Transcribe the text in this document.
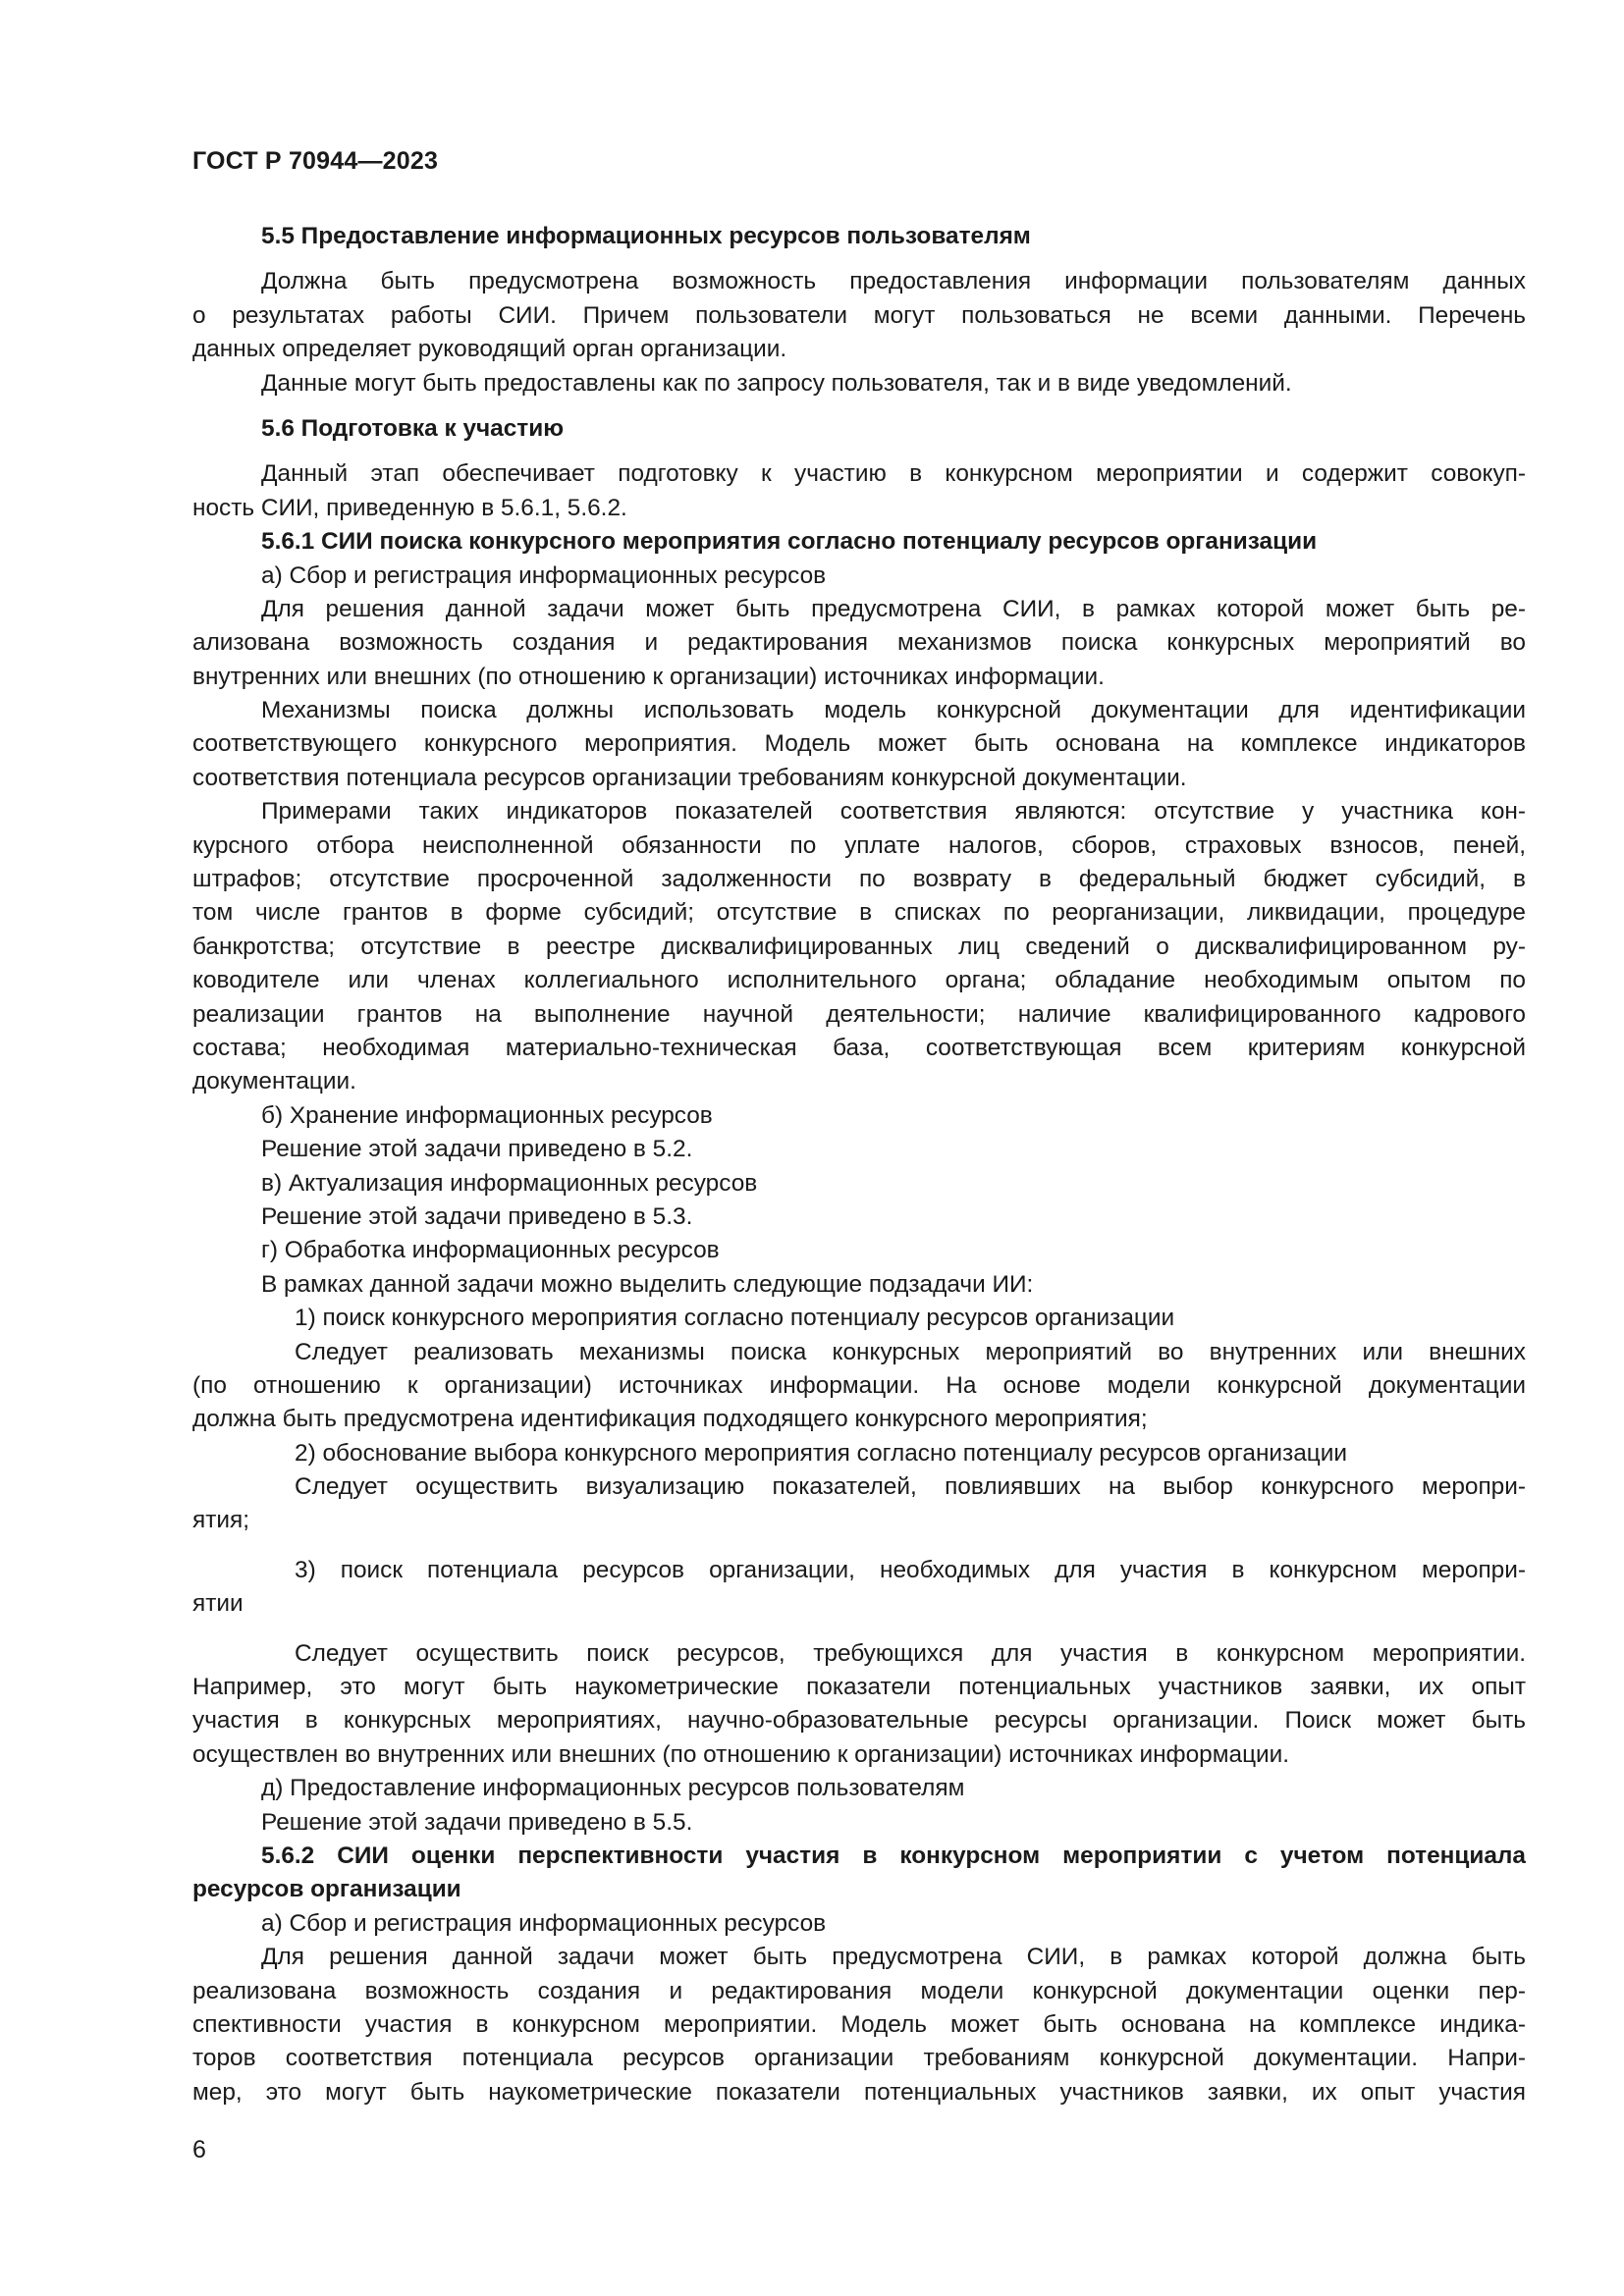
ГОСТ Р 70944—2023
5.5 Предоставление информационных ресурсов пользователям
Должна быть предусмотрена возможность предоставления информации пользователям данных
о результатах работы СИИ. Причем пользователи могут пользоваться не всеми данными. Перечень
данных определяет руководящий орган организации.
Данные могут быть предоставлены как по запросу пользователя, так и в виде уведомлений.
5.6 Подготовка к участию
Данный этап обеспечивает подготовку к участию в конкурсном мероприятии и содержит совокуп-
ность СИИ, приведенную в 5.6.1, 5.6.2.
5.6.1 СИИ поиска конкурсного мероприятия согласно потенциалу ресурсов организации
а) Сбор и регистрация информационных ресурсов
Для решения данной задачи может быть предусмотрена СИИ, в рамках которой может быть ре-
ализована возможность создания и редактирования механизмов поиска конкурсных мероприятий во
внутренних или внешних (по отношению к организации) источниках информации.
Механизмы поиска должны использовать модель конкурсной документации для идентификации
соответствующего конкурсного мероприятия. Модель может быть основана на комплексе индикаторов
соответствия потенциала ресурсов организации требованиям конкурсной документации.
Примерами таких индикаторов показателей соответствия являются: отсутствие у участника кон-
курсного отбора неисполненной обязанности по уплате налогов, сборов, страховых взносов, пеней,
штрафов; отсутствие просроченной задолженности по возврату в федеральный бюджет субсидий, в
том числе грантов в форме субсидий; отсутствие в списках по реорганизации, ликвидации, процедуре
банкротства; отсутствие в реестре дисквалифицированных лиц сведений о дисквалифицированном ру-
ководителе или членах коллегиального исполнительного органа; обладание необходимым опытом по
реализации грантов на выполнение научной деятельности; наличие квалифицированного кадрового
состава; необходимая материально-техническая база, соответствующая всем критериям конкурсной
документации.
б) Хранение информационных ресурсов
Решение этой задачи приведено в 5.2.
в) Актуализация информационных ресурсов
Решение этой задачи приведено в 5.3.
г) Обработка информационных ресурсов
В рамках данной задачи можно выделить следующие подзадачи ИИ:
1) поиск конкурсного мероприятия согласно потенциалу ресурсов организации
Следует реализовать механизмы поиска конкурсных мероприятий во внутренних или внешних
(по отношению к организации) источниках информации. На основе модели конкурсной документации
должна быть предусмотрена идентификация подходящего конкурсного мероприятия;
2) обоснование выбора конкурсного мероприятия согласно потенциалу ресурсов организации
Следует осуществить визуализацию показателей, повлиявших на выбор конкурсного меропри-
ятия;
3) поиск потенциала ресурсов организации, необходимых для участия в конкурсном меропри-
ятии
Следует осуществить поиск ресурсов, требующихся для участия в конкурсном мероприятии.
Например, это могут быть наукометрические показатели потенциальных участников заявки, их опыт
участия в конкурсных мероприятиях, научно-образовательные ресурсы организации. Поиск может быть
осуществлен во внутренних или внешних (по отношению к организации) источниках информации.
д) Предоставление информационных ресурсов пользователям
Решение этой задачи приведено в 5.5.
5.6.2 СИИ оценки перспективности участия в конкурсном мероприятии с учетом потенциала
ресурсов организации
а) Сбор и регистрация информационных ресурсов
Для решения данной задачи может быть предусмотрена СИИ, в рамках которой должна быть
реализована возможность создания и редактирования модели конкурсной документации оценки пер-
спективности участия в конкурсном мероприятии. Модель может быть основана на комплексе индика-
торов соответствия потенциала ресурсов организации требованиям конкурсной документации. Напри-
мер, это могут быть наукометрические показатели потенциальных участников заявки, их опыт участия
6
